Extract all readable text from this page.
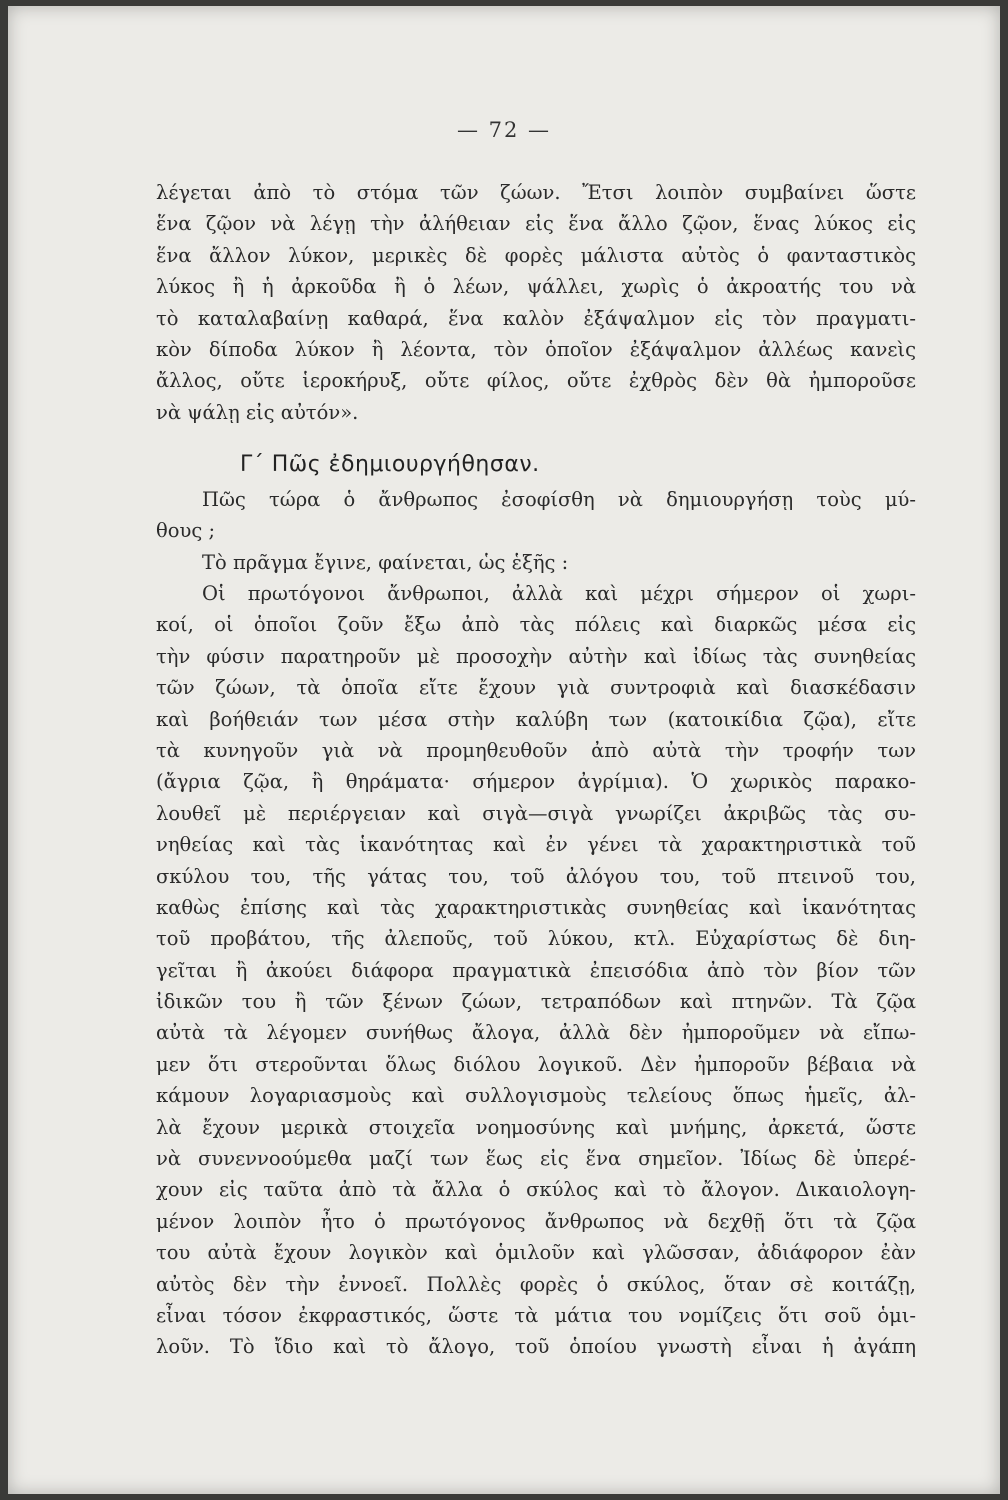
— 72 —
λέγεται ἀπὸ τὸ στόμα τῶν ζώων. Ἔτσι λοιπὸν συμβαίνει ὥστε
ἕνα ζῷον νὰ λέγῃ τὴν ἀλήθειαν εἰς ἕνα ἄλλο ζῷον, ἕνας λύκος εἰς
ἕνα ἄλλον λύκον, μερικὲς δὲ φορὲς μάλιστα αὐτὸς ὁ φανταστικὸς
λύκος ἢ ἡ ἀρκοῦδα ἢ ὁ λέων, ψάλλει, χωρὶς ὁ ἀκροατής του νὰ
τὸ καταλαβαίνῃ καθαρά, ἕνα καλὸν ἐξάψαλμον εἰς τὸν πραγματι-
κὸν δίποδα λύκον ἢ λέοντα, τὸν ὁποῖον ἐξάψαλμον ἀλλέως κανεὶς
ἄλλος, οὔτε ἱεροκήρυξ, οὔτε φίλος, οὔτε ἐχθρὸς δὲν θὰ ἠμποροῦσε
νὰ ψάλῃ εἰς αὐτόν».
Γ΄ Πῶς ἐδημιουργήθησαν.
Πῶς τώρα ὁ ἄνθρωπος ἐσοφίσθη νὰ δημιουργήσῃ τοὺς μύ-
θους ;
Τὸ πρᾶγμα ἔγινε, φαίνεται, ὡς ἑξῆς :
Οἱ πρωτόγονοι ἄνθρωποι, ἀλλὰ καὶ μέχρι σήμερον οἱ χωρι-
κοί, οἱ ὁποῖοι ζοῦν ἔξω ἀπὸ τὰς πόλεις καὶ διαρκῶς μέσα εἰς
τὴν φύσιν παρατηροῦν μὲ προσοχὴν αὐτὴν καὶ ἰδίως τὰς συνηθείας
τῶν ζώων, τὰ ὁποῖα εἴτε ἔχουν γιὰ συντροφιὰ καὶ διασκέδασιν
καὶ βοήθειάν των μέσα στὴν καλύβη των (κατοικίδια ζῷα), εἴτε
τὰ κυνηγοῦν γιὰ νὰ προμηθευθοῦν ἀπὸ αὐτὰ τὴν τροφήν των
(ἄγρια ζῷα, ἢ θηράματα· σήμερον ἀγρίμια). Ὁ χωρικὸς παρακο-
λουθεῖ μὲ περιέργειαν καὶ σιγὰ—σιγὰ γνωρίζει ἀκριβῶς τὰς συ-
νηθείας καὶ τὰς ἱκανότητας καὶ ἐν γένει τὰ χαρακτηριστικὰ τοῦ
σκύλου του, τῆς γάτας του, τοῦ ἀλόγου του, τοῦ πτεινοῦ του,
καθὼς ἐπίσης καὶ τὰς χαρακτηριστικὰς συνηθείας καὶ ἱκανότητας
τοῦ προβάτου, τῆς ἀλεποῦς, τοῦ λύκου, κτλ. Εὐχαρίστως δὲ διη-
γεῖται ἢ ἀκούει διάφορα πραγματικὰ ἐπεισόδια ἀπὸ τὸν βίον τῶν
ἰδικῶν του ἢ τῶν ξένων ζώων, τετραπόδων καὶ πτηνῶν. Τὰ ζῷα
αὐτὰ τὰ λέγομεν συνήθως ἄλογα, ἀλλὰ δὲν ἠμποροῦμεν νὰ εἴπω-
μεν ὅτι στεροῦνται ὅλως διόλου λογικοῦ. Δὲν ἠμποροῦν βέβαια νὰ
κάμουν λογαριασμοὺς καὶ συλλογισμοὺς τελείους ὅπως ἡμεῖς, ἀλ-
λὰ ἔχουν μερικὰ στοιχεῖα νοημοσύνης καὶ μνήμης, ἀρκετά, ὥστε
νὰ συνεννοούμεθα μαζί των ἕως εἰς ἕνα σημεῖον. Ἰδίως δὲ ὑπερέ-
χουν εἰς ταῦτα ἀπὸ τὰ ἄλλα ὁ σκύλος καὶ τὸ ἄλογον. Δικαιολογη-
μένον λοιπὸν ἦτο ὁ πρωτόγονος ἄνθρωπος νὰ δεχθῇ ὅτι τὰ ζῷα
του αὐτὰ ἔχουν λογικὸν καὶ ὁμιλοῦν καὶ γλῶσσαν, ἀδιάφορον ἐὰν
αὐτὸς δὲν τὴν ἐννοεῖ. Πολλὲς φορὲς ὁ σκύλος, ὅταν σὲ κοιτάζῃ,
εἶναι τόσον ἐκφραστικός, ὥστε τὰ μάτια του νομίζεις ὅτι σοῦ ὁμι-
λοῦν. Τὸ ἴδιο καὶ τὸ ἄλογο, τοῦ ὁποίου γνωστὴ εἶναι ἡ ἀγάπη
